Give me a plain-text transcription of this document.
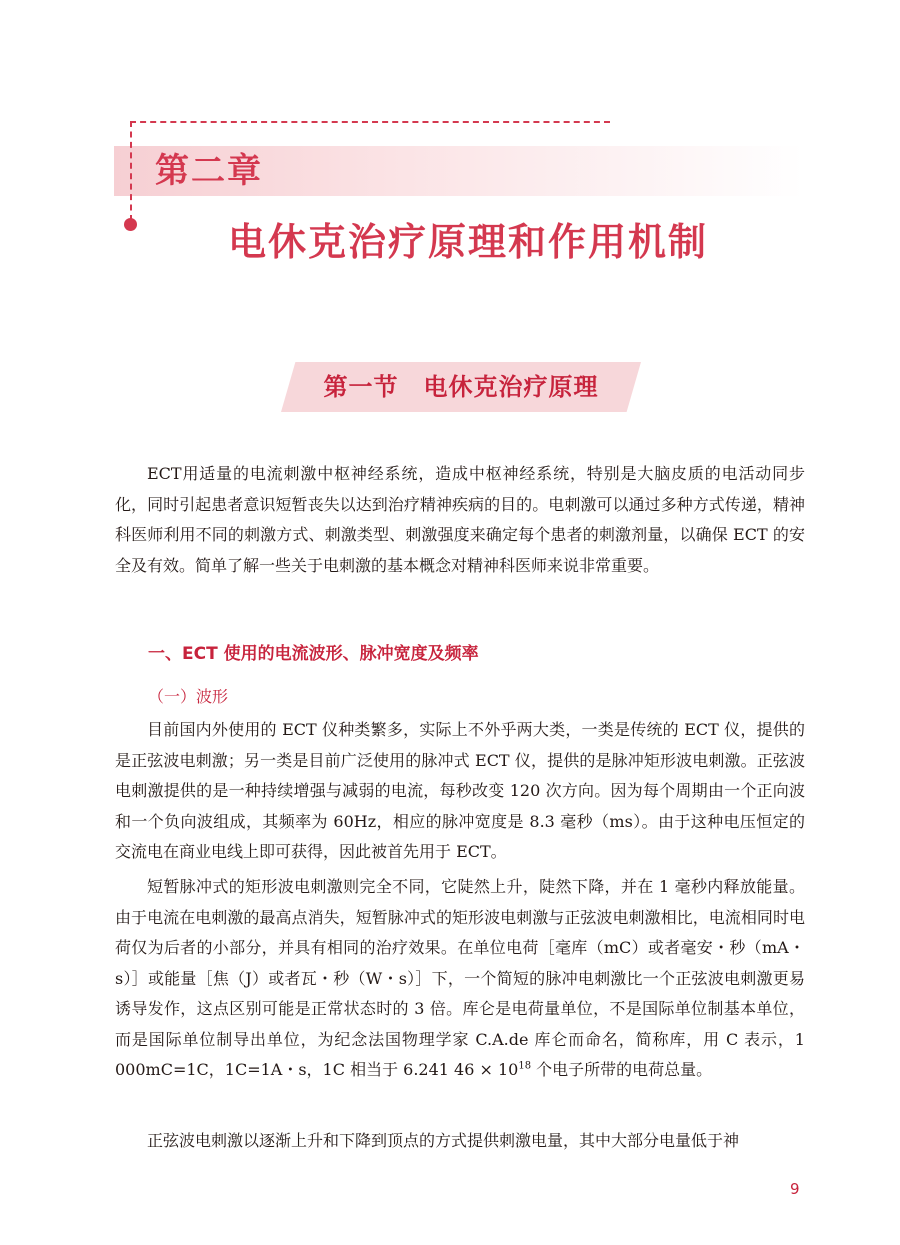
第二章
电休克治疗原理和作用机制
第一节　电休克治疗原理

ECT用适量的电流刺激中枢神经系统，造成中枢神经系统，特别是大脑皮质的电活动同步化，同时引起患者意识短暂丧失以达到治疗精神疾病的目的。电刺激可以通过多种方式传递，精神科医师利用不同的刺激方式、刺激类型、刺激强度来确定每个患者的刺激剂量，以确保 ECT 的安全及有效。简单了解一些关于电刺激的基本概念对精神科医师来说非常重要。

一、ECT 使用的电流波形、脉冲宽度及频率
（一）波形

目前国内外使用的 ECT 仪种类繁多，实际上不外乎两大类，一类是传统的 ECT 仪，提供的是正弦波电刺激；另一类是目前广泛使用的脉冲式 ECT 仪，提供的是脉冲矩形波电刺激。正弦波电刺激提供的是一种持续增强与减弱的电流，每秒改变 120 次方向。因为每个周期由一个正向波和一个负向波组成，其频率为 60Hz，相应的脉冲宽度是 8.3 毫秒（ms）。由于这种电压恒定的交流电在商业电线上即可获得，因此被首先用于 ECT。

短暂脉冲式的矩形波电刺激则完全不同，它陡然上升，陡然下降，并在 1 毫秒内释放能量。由于电流在电刺激的最高点消失，短暂脉冲式的矩形波电刺激与正弦波电刺激相比，电流相同时电荷仅为后者的小部分，并具有相同的治疗效果。在单位电荷［毫库（mC）或者毫安・秒（mA・s）］或能量［焦（J）或者瓦・秒（W・s）］下，一个简短的脉冲电刺激比一个正弦波电刺激更易诱导发作，这点区别可能是正常状态时的 3 倍。库仑是电荷量单位，不是国际单位制基本单位，而是国际单位制导出单位，为纪念法国物理学家 C.A.de 库仑而命名，简称库，用 C 表示，1 000mC=1C，1C=1A・s，1C 相当于 6.241 $46 \times 10^{18}$ 个电子所带的电荷总量。

正弦波电刺激以逐渐上升和下降到顶点的方式提供刺激电量，其中大部分电量低于神

9
